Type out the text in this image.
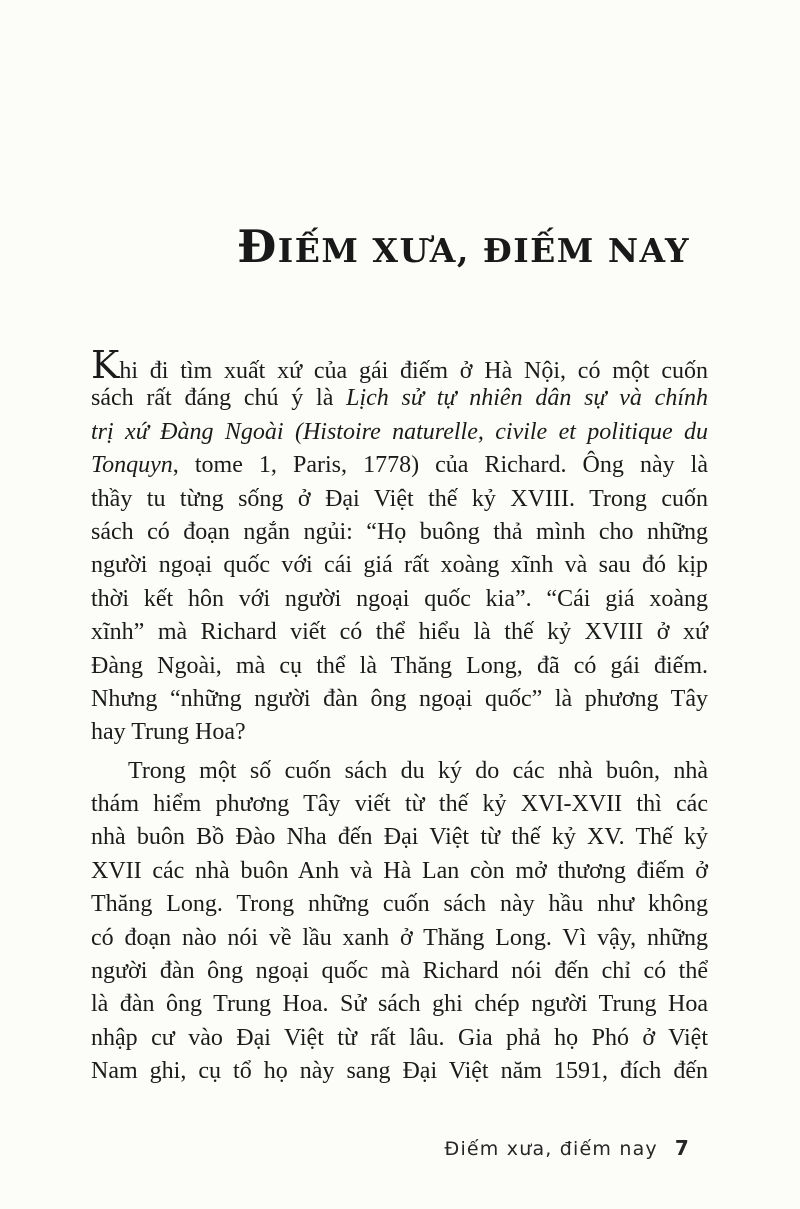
ĐIẾM XƯA, ĐIẾM NAY
Khi đi tìm xuất xứ của gái điếm ở Hà Nội, có một cuốn
sách rất đáng chú ý là Lịch sử tự nhiên dân sự và chính
trị xứ Đàng Ngoài (Histoire naturelle, civile et politique du
Tonquyn, tome 1, Paris, 1778) của Richard. Ông này là
thầy tu từng sống ở Đại Việt thế kỷ XVIII. Trong cuốn
sách có đoạn ngắn ngủi: “Họ buông thả mình cho những
người ngoại quốc với cái giá rất xoàng xĩnh và sau đó kịp
thời kết hôn với người ngoại quốc kia”. “Cái giá xoàng
xĩnh” mà Richard viết có thể hiểu là thế kỷ XVIII ở xứ
Đàng Ngoài, mà cụ thể là Thăng Long, đã có gái điếm.
Nhưng “những người đàn ông ngoại quốc” là phương Tây
hay Trung Hoa?
Trong một số cuốn sách du ký do các nhà buôn, nhà
thám hiểm phương Tây viết từ thế kỷ XVI-XVII thì các
nhà buôn Bồ Đào Nha đến Đại Việt từ thế kỷ XV. Thế kỷ
XVII các nhà buôn Anh và Hà Lan còn mở thương điếm ở
Thăng Long. Trong những cuốn sách này hầu như không
có đoạn nào nói về lầu xanh ở Thăng Long. Vì vậy, những
người đàn ông ngoại quốc mà Richard nói đến chỉ có thể
là đàn ông Trung Hoa. Sử sách ghi chép người Trung Hoa
nhập cư vào Đại Việt từ rất lâu. Gia phả họ Phó ở Việt
Nam ghi, cụ tổ họ này sang Đại Việt năm 1591, đích đến
Điếm xưa, điếm nay 7
